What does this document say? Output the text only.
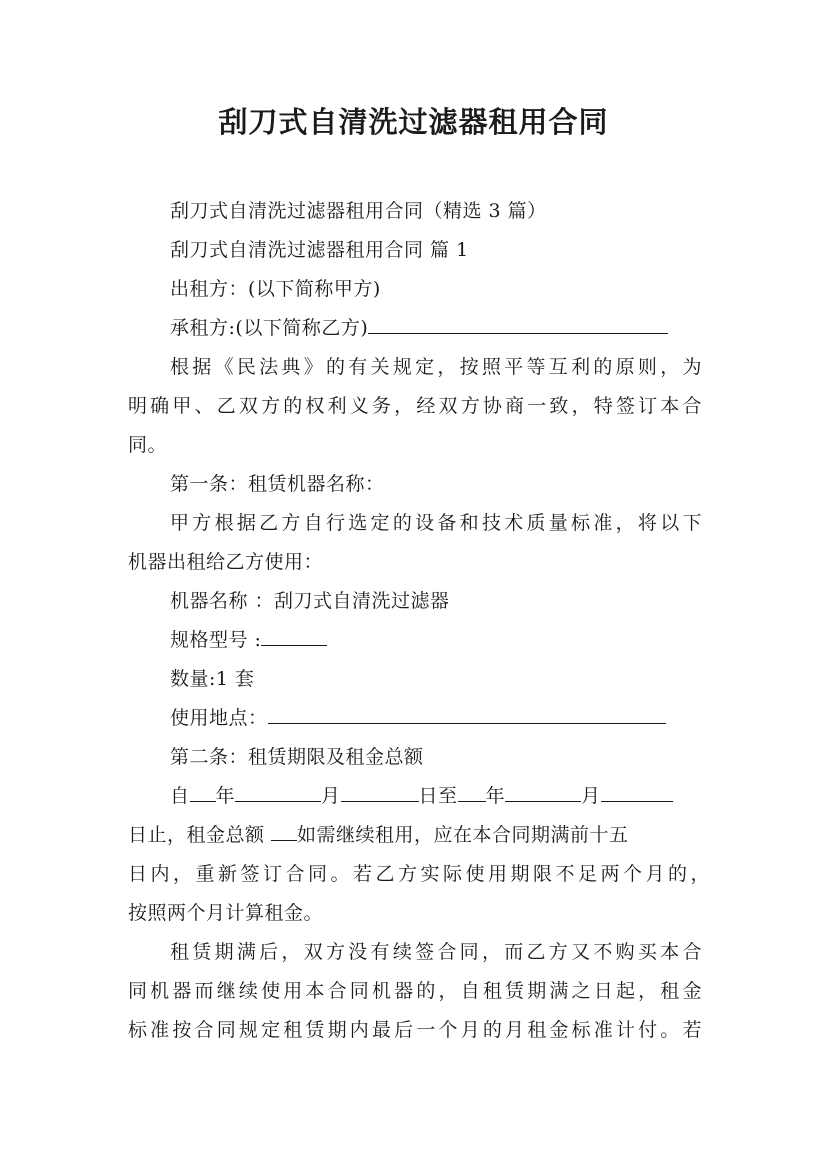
刮刀式自清洗过滤器租用合同

刮刀式自清洗过滤器租用合同（精选 3 篇）

刮刀式自清洗过滤器租用合同 篇 1

出租方：(以下简称甲方)

承租方:(以下简称乙方)

根据《民法典》的有关规定，按照平等互利的原则，为

明确甲、乙双方的权利义务，经双方协商一致，特签订本合

同。

第一条：租赁机器名称：

甲方根据乙方自行选定的设备和技术质量标准，将以下

机器出租给乙方使用：

机器名称 ：刮刀式自清洗过滤器

规格型号 :

数量:1 套

使用地点：

第二条：租赁期限及租金总额

自 年	月	日至 年	月

日止，租金总额 如需继续租用，应在本合同期满前十五

日内，重新签订合同。若乙方实际使用期限不足两个月的，

按照两个月计算租金。

租赁期满后，双方没有续签合同，而乙方又不购买本合

同机器而继续使用本合同机器的，自租赁期满之日起，租金

标准按合同规定租赁期内最后一个月的月租金标准计付。若
